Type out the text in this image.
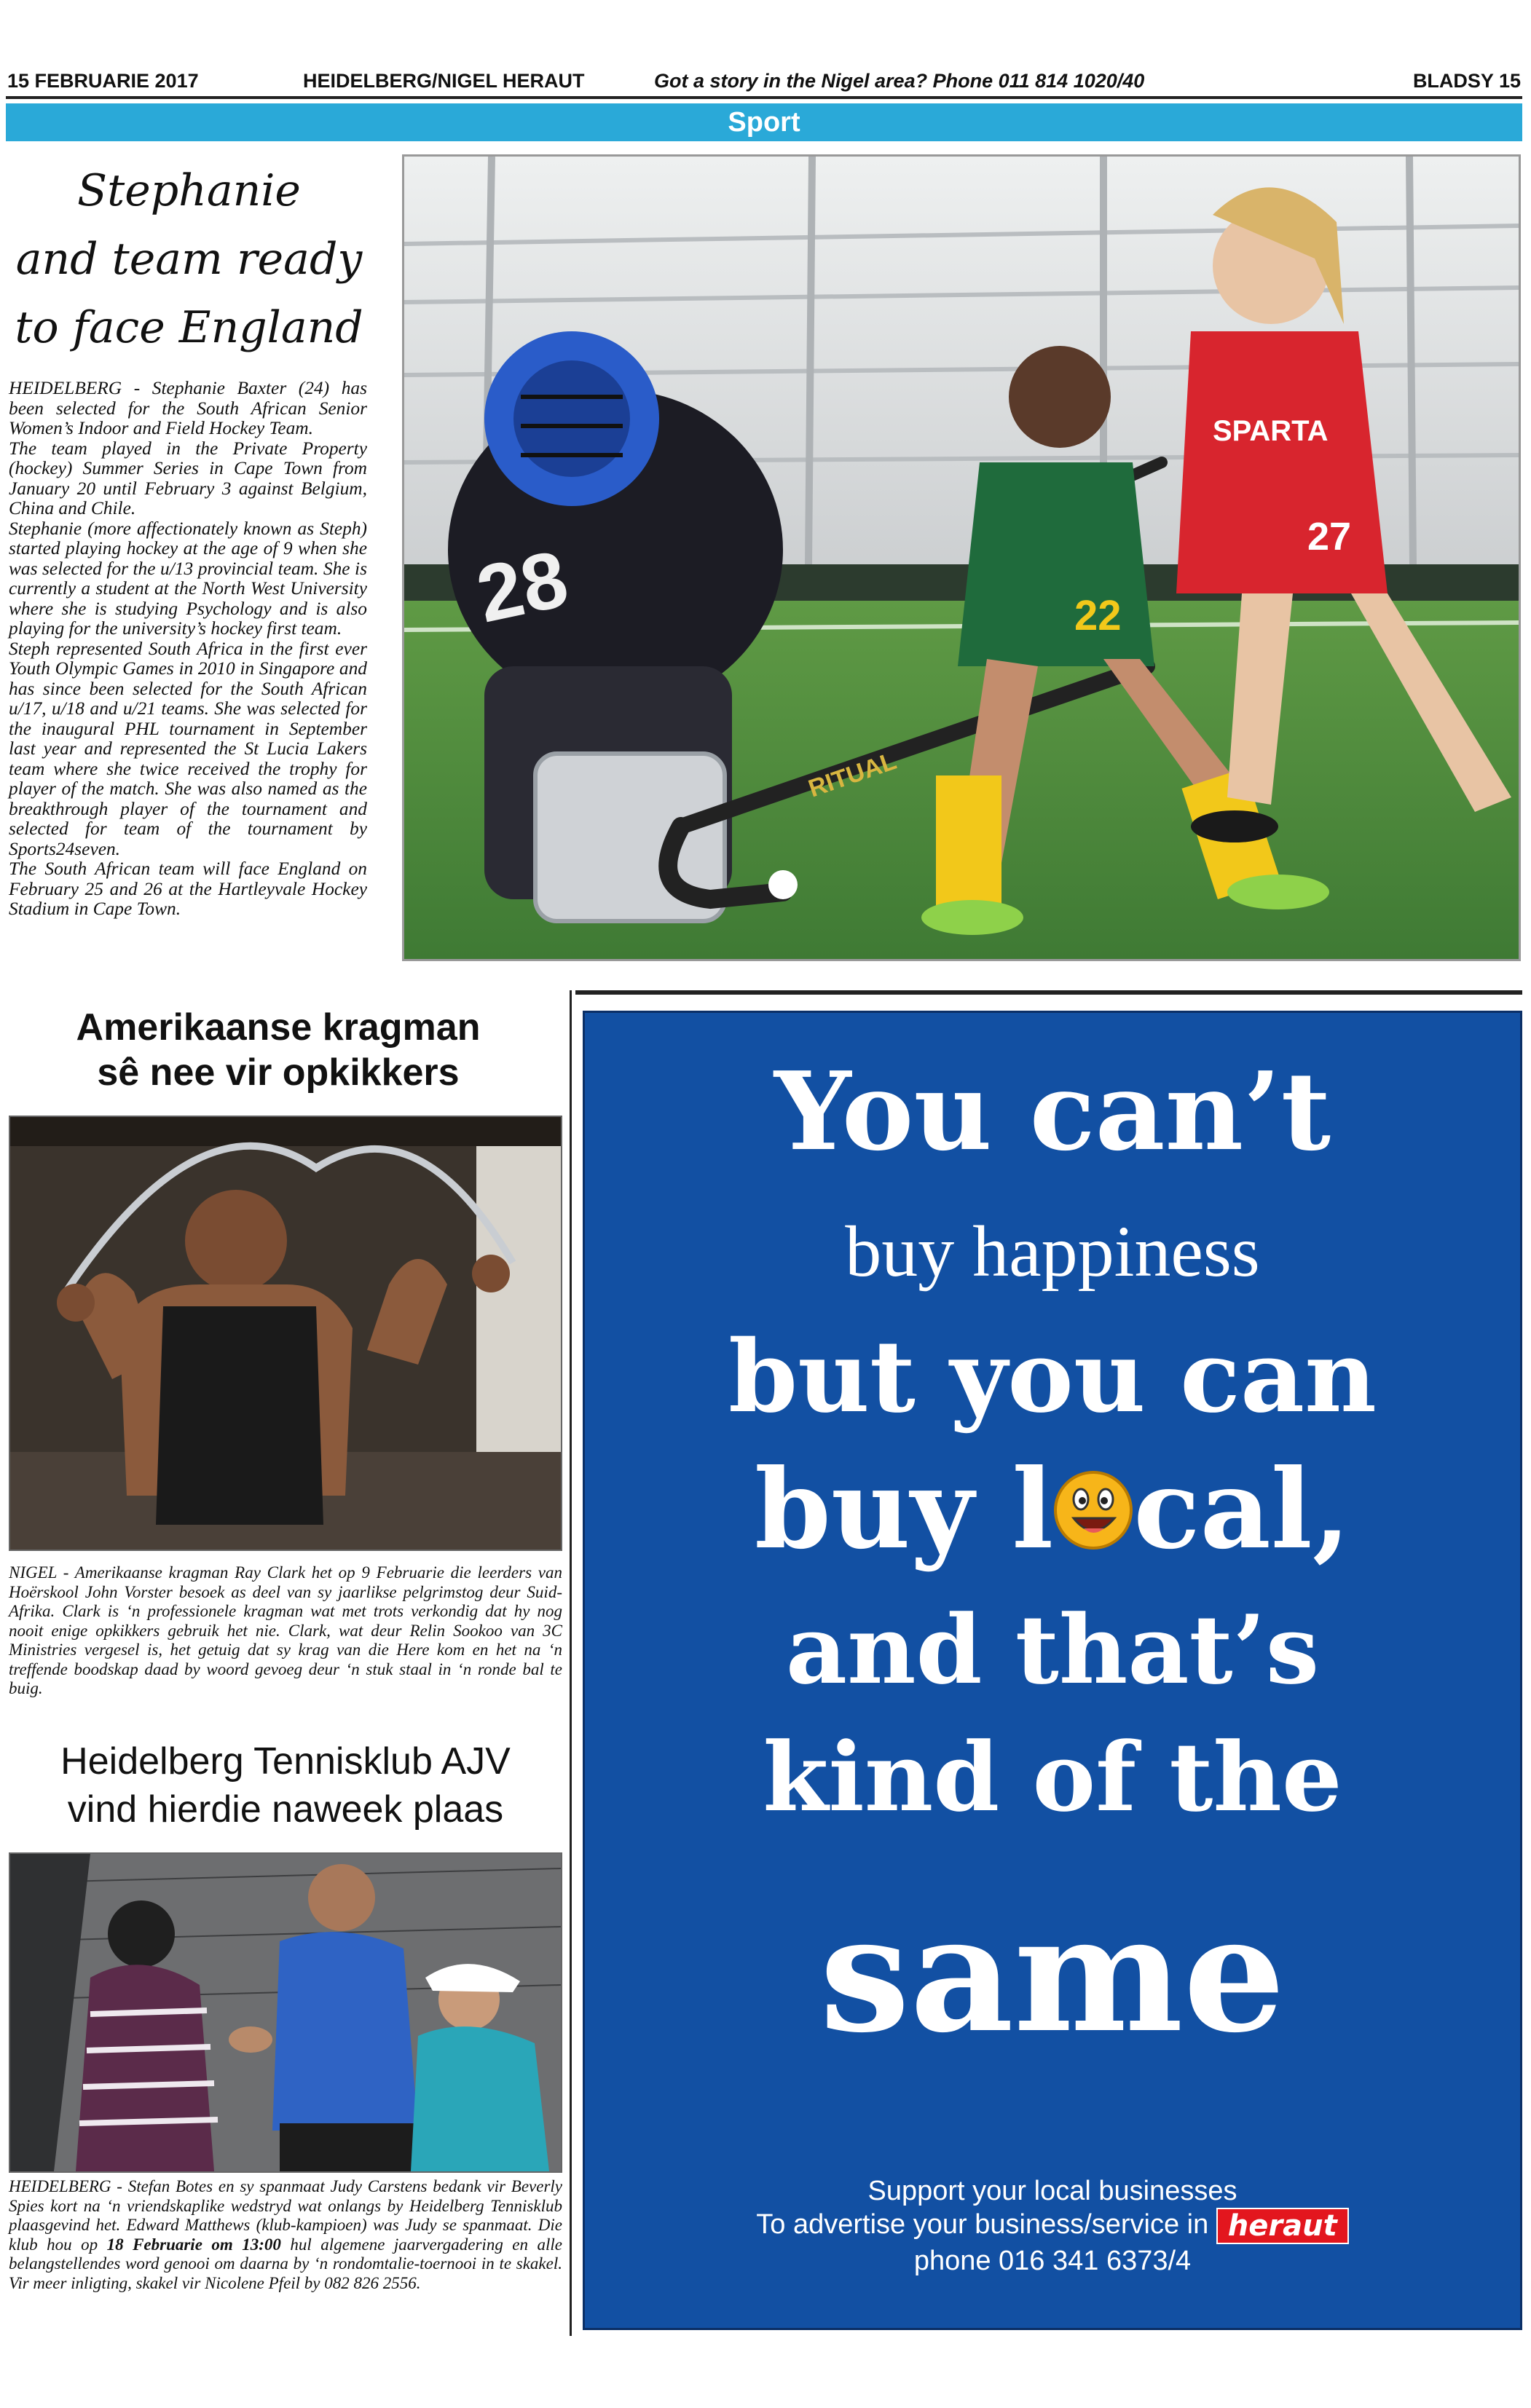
15 FEBRUARIE 2017	HEIDELBERG/NIGEL HERAUT	Got a story in the Nigel area? Phone 011 814 1020/40	BLADSY 15
Sport
Stephanie
and team ready
to face England

HEIDELBERG - Stephanie Baxter (24) has been selected for the South African Senior Women’s Indoor and Field Hockey Team.

The team played in the Private Property (hockey) Summer Series in Cape Town from January 20 until February 3 against Belgium, China and Chile.

Stephanie (more affectionately known as Steph) started playing hockey at the age of 9 when she was selected for the u/13 provincial team. She is currently a student at the North West University where she is studying Psychology and is also playing for the university’s hockey first team.

Steph represented South Africa in the first ever Youth Olympic Games in 2010 in Singapore and has since been selected for the South African u/17, u/18 and u/21 teams. She was selected for the inaugural PHL tournament in September last year and represented the St Lucia Lakers team where she twice received the trophy for player of the match. She was also named as the breakthrough player of the tournament and selected for team of the tournament by Sports24seven.

The South African team will face England on February 25 and 26 at the Hartleyvale Hockey Stadium in Cape Town.

28
RITUAL
22
SPARTA
27
Amerikaanse kragman
sê nee vir opkikkers
NIGEL - Amerikaanse kragman Ray Clark het op 9 Februarie die leerders van Hoërskool John Vorster besoek as deel van sy jaarlikse pelgrimstog deur Suid-Afrika. Clark is ‘n professionele kragman wat met trots verkondig dat hy nog nooit enige opkikkers gebruik het nie. Clark, wat deur Relin Sookoo van 3C Ministries vergesel is, het getuig dat sy krag van die Here kom en het na ‘n treffende boodskap daad by woord gevoeg deur ‘n stuk staal in ‘n ronde bal te buig.
Heidelberg Tennisklub AJV
vind hierdie naweek plaas
HEIDELBERG - Stefan Botes en sy spanmaat Judy Carstens bedank vir Beverly Spies kort na ‘n vriendskaplike wedstryd wat onlangs by Heidelberg Tennisklub plaasgevind het. Edward Matthews (klub-kampioen) was Judy se spanmaat. Die klub hou op 18 Februarie om 13:00 hul algemene jaarvergadering en alle belangstellendes word genooi om daarna by ‘n rondomtalie-toernooi in te skakel. Vir meer inligting, skakel vir Nicolene Pfeil by 082 826 2556.
You can’t
buy happiness
but you can
buy l cal,
and that’s
kind of the
same
Support your local businesses
To advertise your business/service in heraut
phone 016 341 6373/4
